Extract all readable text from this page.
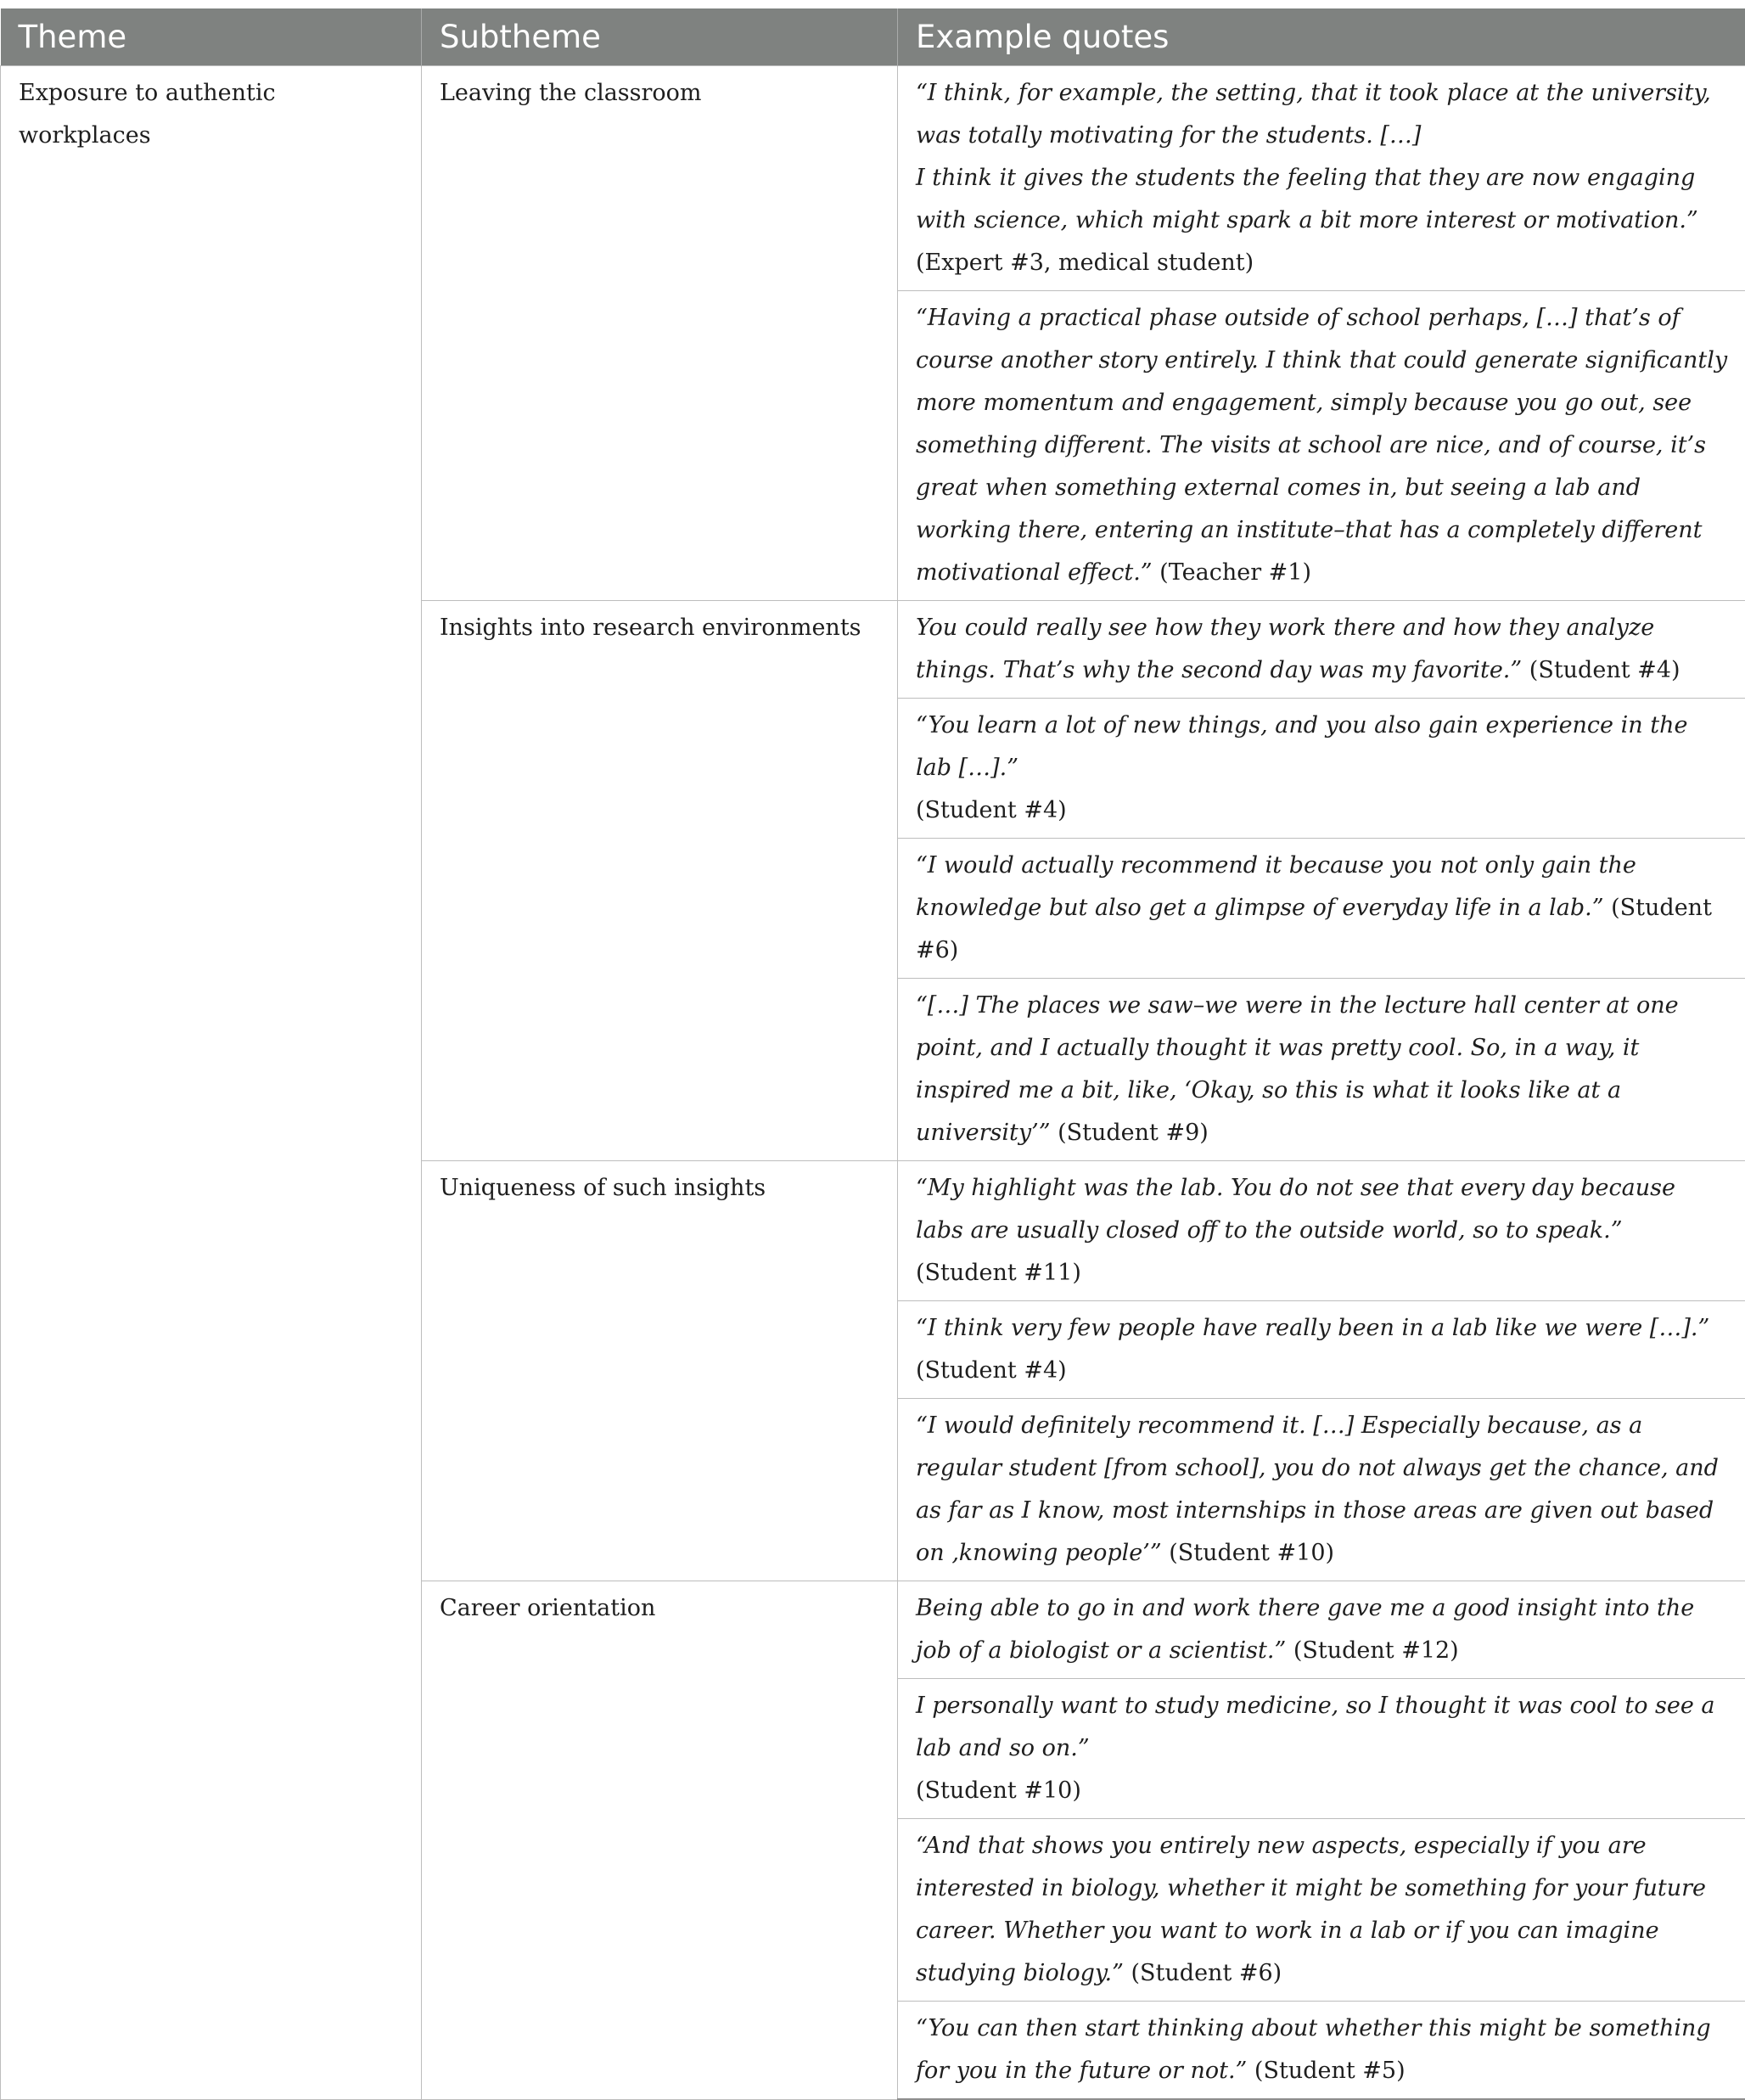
Theme	Subtheme	Example quotes
Exposure to authentic workplaces	Leaving the classroom	“I think, for example, the setting, that it took place at the university, was totally motivating for the students. […]
I think it gives the students the feeling that they are now engaging with science, which might spark a bit more interest or motivation.” (Expert #3, medical student)
		“Having a practical phase outside of school perhaps, […] that’s of course another story entirely. I think that could generate significantly more momentum and engagement, simply because you go out, see something different. The visits at school are nice, and of course, it’s great when something external comes in, but seeing a lab and working there, entering an institute–that has a completely different motivational effect.” (Teacher #1)
	Insights into research environments	You could really see how they work there and how they analyze things. That’s why the second day was my favorite.” (Student #4)
		“You learn a lot of new things, and you also gain experience in the lab […].”
(Student #4)
		“I would actually recommend it because you not only gain the knowledge but also get a glimpse of everyday life in a lab.” (Student #6)
		“[…] The places we saw–we were in the lecture hall center at one point, and I actually thought it was pretty cool. So, in a way, it inspired me a bit, like, ‘Okay, so this is what it looks like at a university’” (Student #9)
	Uniqueness of such insights	“My highlight was the lab. You do not see that every day because labs are usually closed off to the outside world, so to speak.” (Student #11)
		“I think very few people have really been in a lab like we were […].” (Student #4)
		“I would definitely recommend it. […] Especially because, as a regular student [from school], you do not always get the chance, and as far as I know, most internships in those areas are given out based on ‚knowing people’” (Student #10)
	Career orientation	Being able to go in and work there gave me a good insight into the job of a biologist or a scientist.” (Student #12)
		I personally want to study medicine, so I thought it was cool to see a lab and so on.”
(Student #10)
		“And that shows you entirely new aspects, especially if you are interested in biology, whether it might be something for your future career. Whether you want to work in a lab or if you can imagine studying biology.” (Student #6)
		“You can then start thinking about whether this might be something for you in the future or not.” (Student #5)
